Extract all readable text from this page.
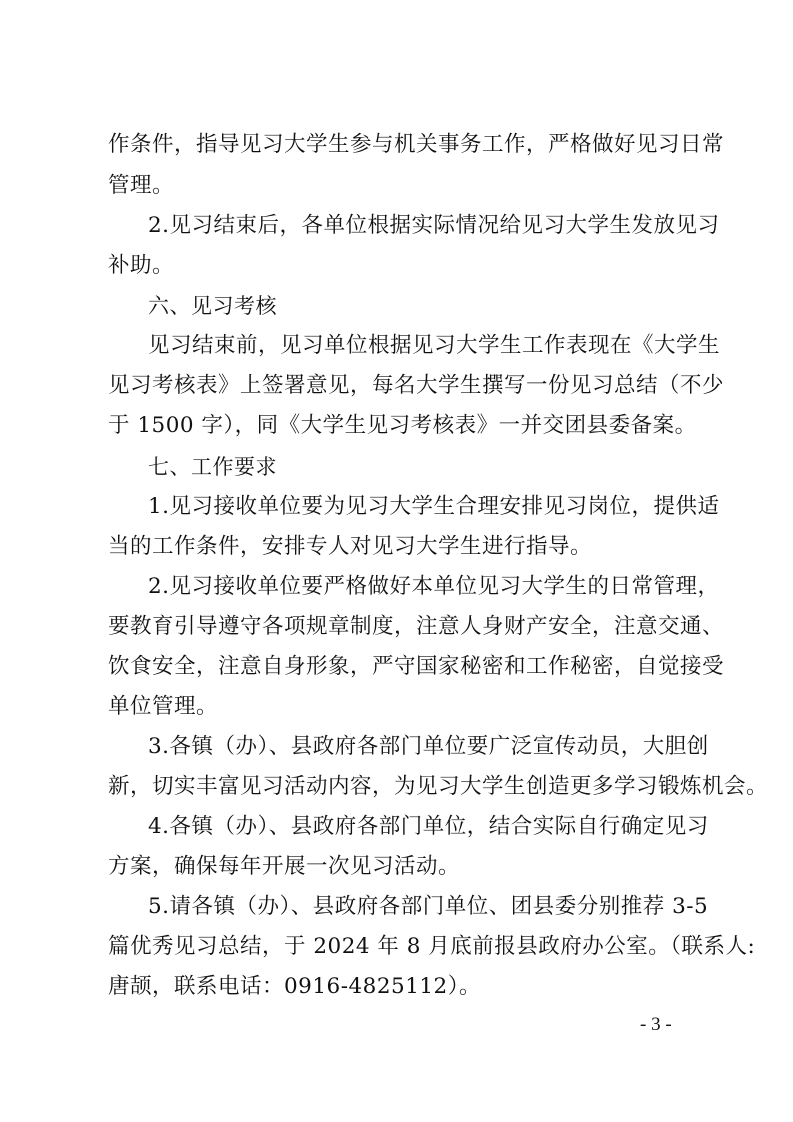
作条件，指导见习大学生参与机关事务工作，严格做好见习日常
管理。
2.见习结束后，各单位根据实际情况给见习大学生发放见习
补助。
六、见习考核
见习结束前，见习单位根据见习大学生工作表现在《大学生
见习考核表》上签署意见，每名大学生撰写一份见习总结（不少
于 1500 字），同《大学生见习考核表》一并交团县委备案。
七、工作要求
1.见习接收单位要为见习大学生合理安排见习岗位，提供适
当的工作条件，安排专人对见习大学生进行指导。
2.见习接收单位要严格做好本单位见习大学生的日常管理，
要教育引导遵守各项规章制度，注意人身财产安全，注意交通、
饮食安全，注意自身形象，严守国家秘密和工作秘密，自觉接受
单位管理。
3.各镇（办）、县政府各部门单位要广泛宣传动员，大胆创
新，切实丰富见习活动内容，为见习大学生创造更多学习锻炼机会。
4.各镇（办）、县政府各部门单位，结合实际自行确定见习
方案，确保每年开展一次见习活动。
5.请各镇（办）、县政府各部门单位、团县委分别推荐 3-5
篇优秀见习总结，于 2024 年 8 月底前报县政府办公室。（联系人:
唐颉，联系电话：0916-4825112）。
- 3 -
